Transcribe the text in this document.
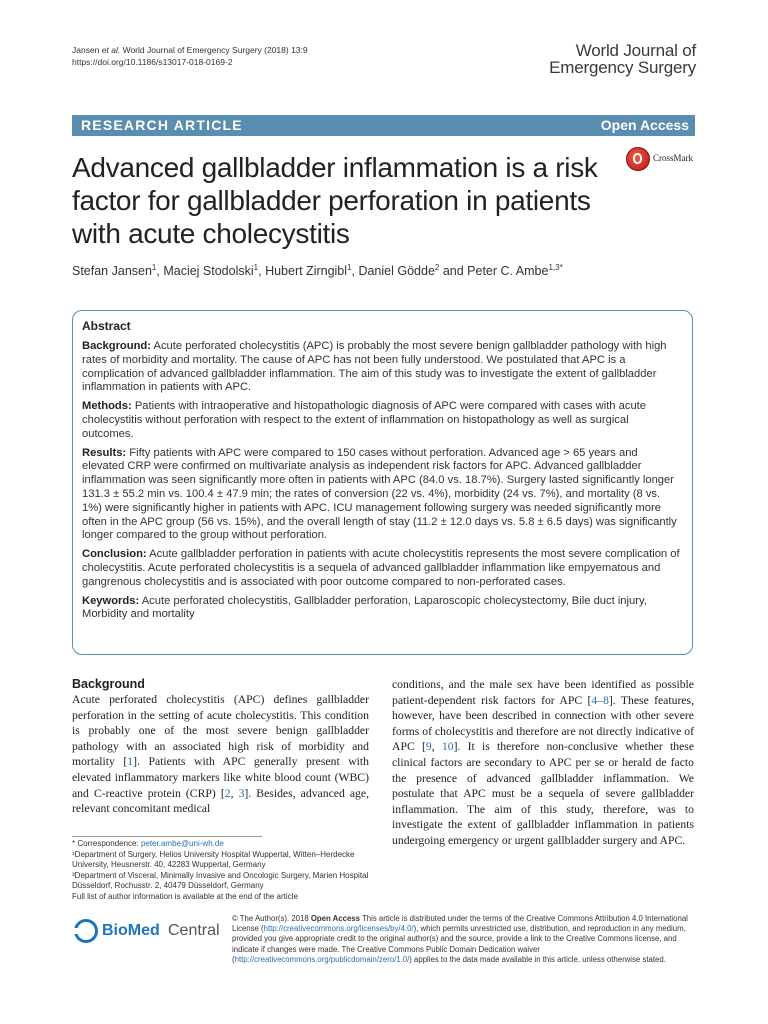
Jansen et al. World Journal of Emergency Surgery (2018) 13:9
https://doi.org/10.1186/s13017-018-0169-2
World Journal of
Emergency Surgery
RESEARCH ARTICLE	Open Access
Advanced gallbladder inflammation is a risk factor for gallbladder perforation in patients with acute cholecystitis
CrossMark
Stefan Jansen$^1$, Maciej Stodolski$^1$, Hubert Zirngibl$^1$, Daniel Gödde$^2$ and Peter C. Ambe$^{1,3*}$
Abstract

Background: Acute perforated cholecystitis (APC) is probably the most severe benign gallbladder pathology with high rates of morbidity and mortality. The cause of APC has not been fully understood. We postulated that APC is a complication of advanced gallbladder inflammation. The aim of this study was to investigate the extent of gallbladder inflammation in patients with APC.

Methods: Patients with intraoperative and histopathologic diagnosis of APC were compared with cases with acute cholecystitis without perforation with respect to the extent of inflammation on histopathology as well as surgical outcomes.

Results: Fifty patients with APC were compared to 150 cases without perforation. Advanced age > 65 years and elevated CRP were confirmed on multivariate analysis as independent risk factors for APC. Advanced gallbladder inflammation was seen significantly more often in patients with APC (84.0 vs. 18.7%). Surgery lasted significantly longer 131.3 ± 55.2 min vs. 100.4 ± 47.9 min; the rates of conversion (22 vs. 4%), morbidity (24 vs. 7%), and mortality (8 vs. 1%) were significantly higher in patients with APC. ICU management following surgery was needed significantly more often in the APC group (56 vs. 15%), and the overall length of stay (11.2 ± 12.0 days vs. 5.8 ± 6.5 days) was significantly longer compared to the group without perforation.

Conclusion: Acute gallbladder perforation in patients with acute cholecystitis represents the most severe complication of cholecystitis. Acute perforated cholecystitis is a sequela of advanced gallbladder inflammation like empyematous and gangrenous cholecystitis and is associated with poor outcome compared to non-perforated cases.

Keywords: Acute perforated cholecystitis, Gallbladder perforation, Laparoscopic cholecystectomy, Bile duct injury, Morbidity and mortality

Background

Acute perforated cholecystitis (APC) defines gallbladder perforation in the setting of acute cholecystitis. This condition is probably one of the most severe benign gallbladder pathology with an associated high risk of morbidity and mortality [1]. Patients with APC generally present with elevated inflammatory markers like white blood count (WBC) and C-reactive protein (CRP) [2, 3]. Besides, advanced age, relevant concomitant medical

conditions, and the male sex have been identified as possible patient-dependent risk factors for APC [4–8]. These features, however, have been described in connection with other severe forms of cholecystitis and therefore are not directly indicative of APC [9, 10]. It is therefore non-conclusive whether these clinical factors are secondary to APC per se or herald de facto the presence of advanced gallbladder inflammation. We postulate that APC must be a sequela of severe gallbladder inflammation. The aim of this study, therefore, was to investigate the extent of gallbladder inflammation in patients undergoing emergency or urgent gallbladder surgery and APC.

* Correspondence: peter.ambe@uni-wh.de
¹Department of Surgery, Helios University Hospital Wuppertal, Witten–Herdecke University, Heusnerstr. 40, 42283 Wuppertal, Germany
³Department of Visceral, Minimally Invasive and Oncologic Surgery, Marien Hospital Düsseldorf, Rochusstr. 2, 40479 Düsseldorf, Germany
Full list of author information is available at the end of the article
BioMed Central
© The Author(s). 2018 Open Access This article is distributed under the terms of the Creative Commons Attribution 4.0 International License (http://creativecommons.org/licenses/by/4.0/), which permits unrestricted use, distribution, and reproduction in any medium, provided you give appropriate credit to the original author(s) and the source, provide a link to the Creative Commons license, and indicate if changes were made. The Creative Commons Public Domain Dedication waiver (http://creativecommons.org/publicdomain/zero/1.0/) applies to the data made available in this article, unless otherwise stated.
